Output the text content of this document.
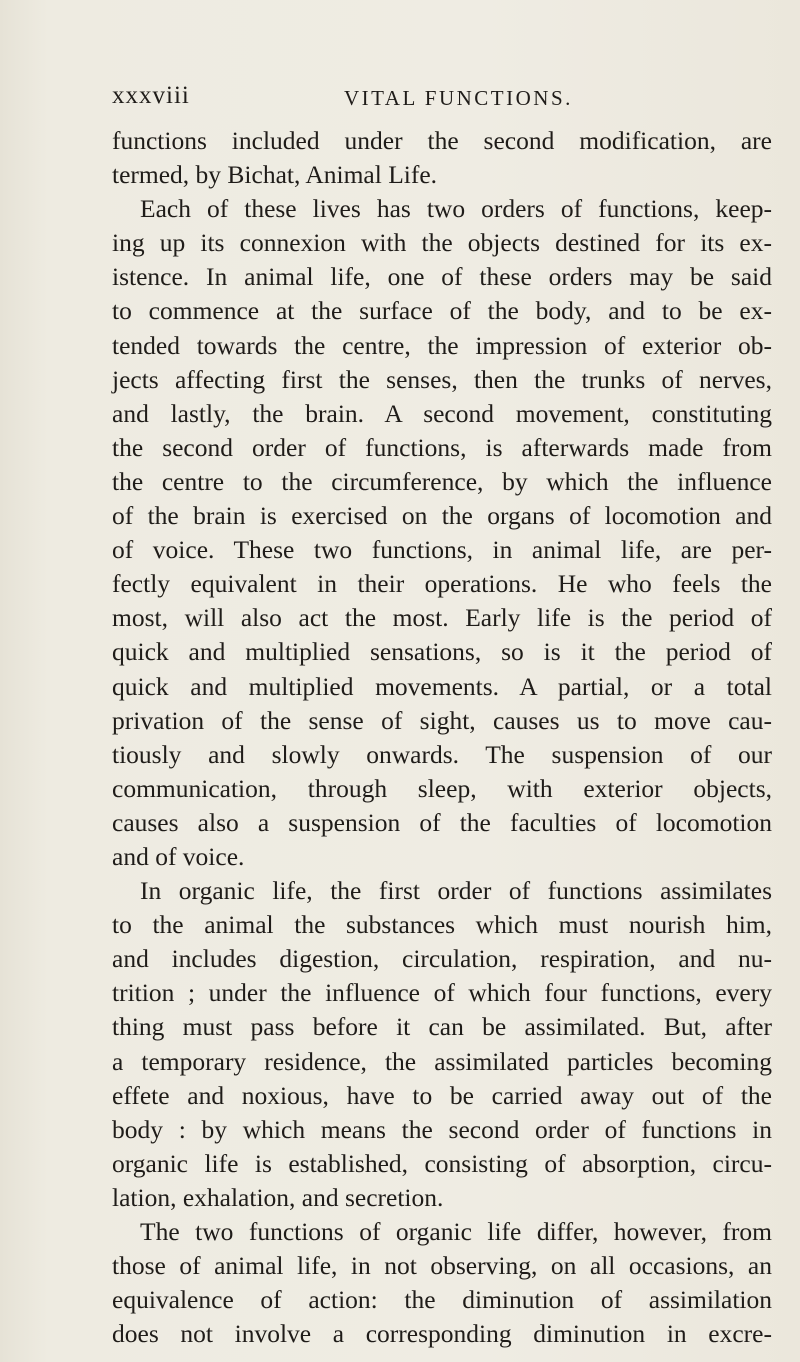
xxxviii	VITAL FUNCTIONS.
functions included under the second modification, are
termed, by Bichat, Animal Life.
Each of these lives has two orders of functions, keep-
ing up its connexion with the objects destined for its ex-
istence. In animal life, one of these orders may be said
to commence at the surface of the body, and to be ex-
tended towards the centre, the impression of exterior ob-
jects affecting first the senses, then the trunks of nerves,
and lastly, the brain. A second movement, constituting
the second order of functions, is afterwards made from
the centre to the circumference, by which the influence
of the brain is exercised on the organs of locomotion and
of voice. These two functions, in animal life, are per-
fectly equivalent in their operations. He who feels the
most, will also act the most. Early life is the period of
quick and multiplied sensations, so is it the period of
quick and multiplied movements. A partial, or a total
privation of the sense of sight, causes us to move cau-
tiously and slowly onwards. The suspension of our
communication, through sleep, with exterior objects,
causes also a suspension of the faculties of locomotion
and of voice.
In organic life, the first order of functions assimilates
to the animal the substances which must nourish him,
and includes digestion, circulation, respiration, and nu-
trition ; under the influence of which four functions, every
thing must pass before it can be assimilated. But, after
a temporary residence, the assimilated particles becoming
effete and noxious, have to be carried away out of the
body : by which means the second order of functions in
organic life is established, consisting of absorption, circu-
lation, exhalation, and secretion.
The two functions of organic life differ, however, from
those of animal life, in not observing, on all occasions, an
equivalence of action: the diminution of assimilation
does not involve a corresponding diminution in excre-
